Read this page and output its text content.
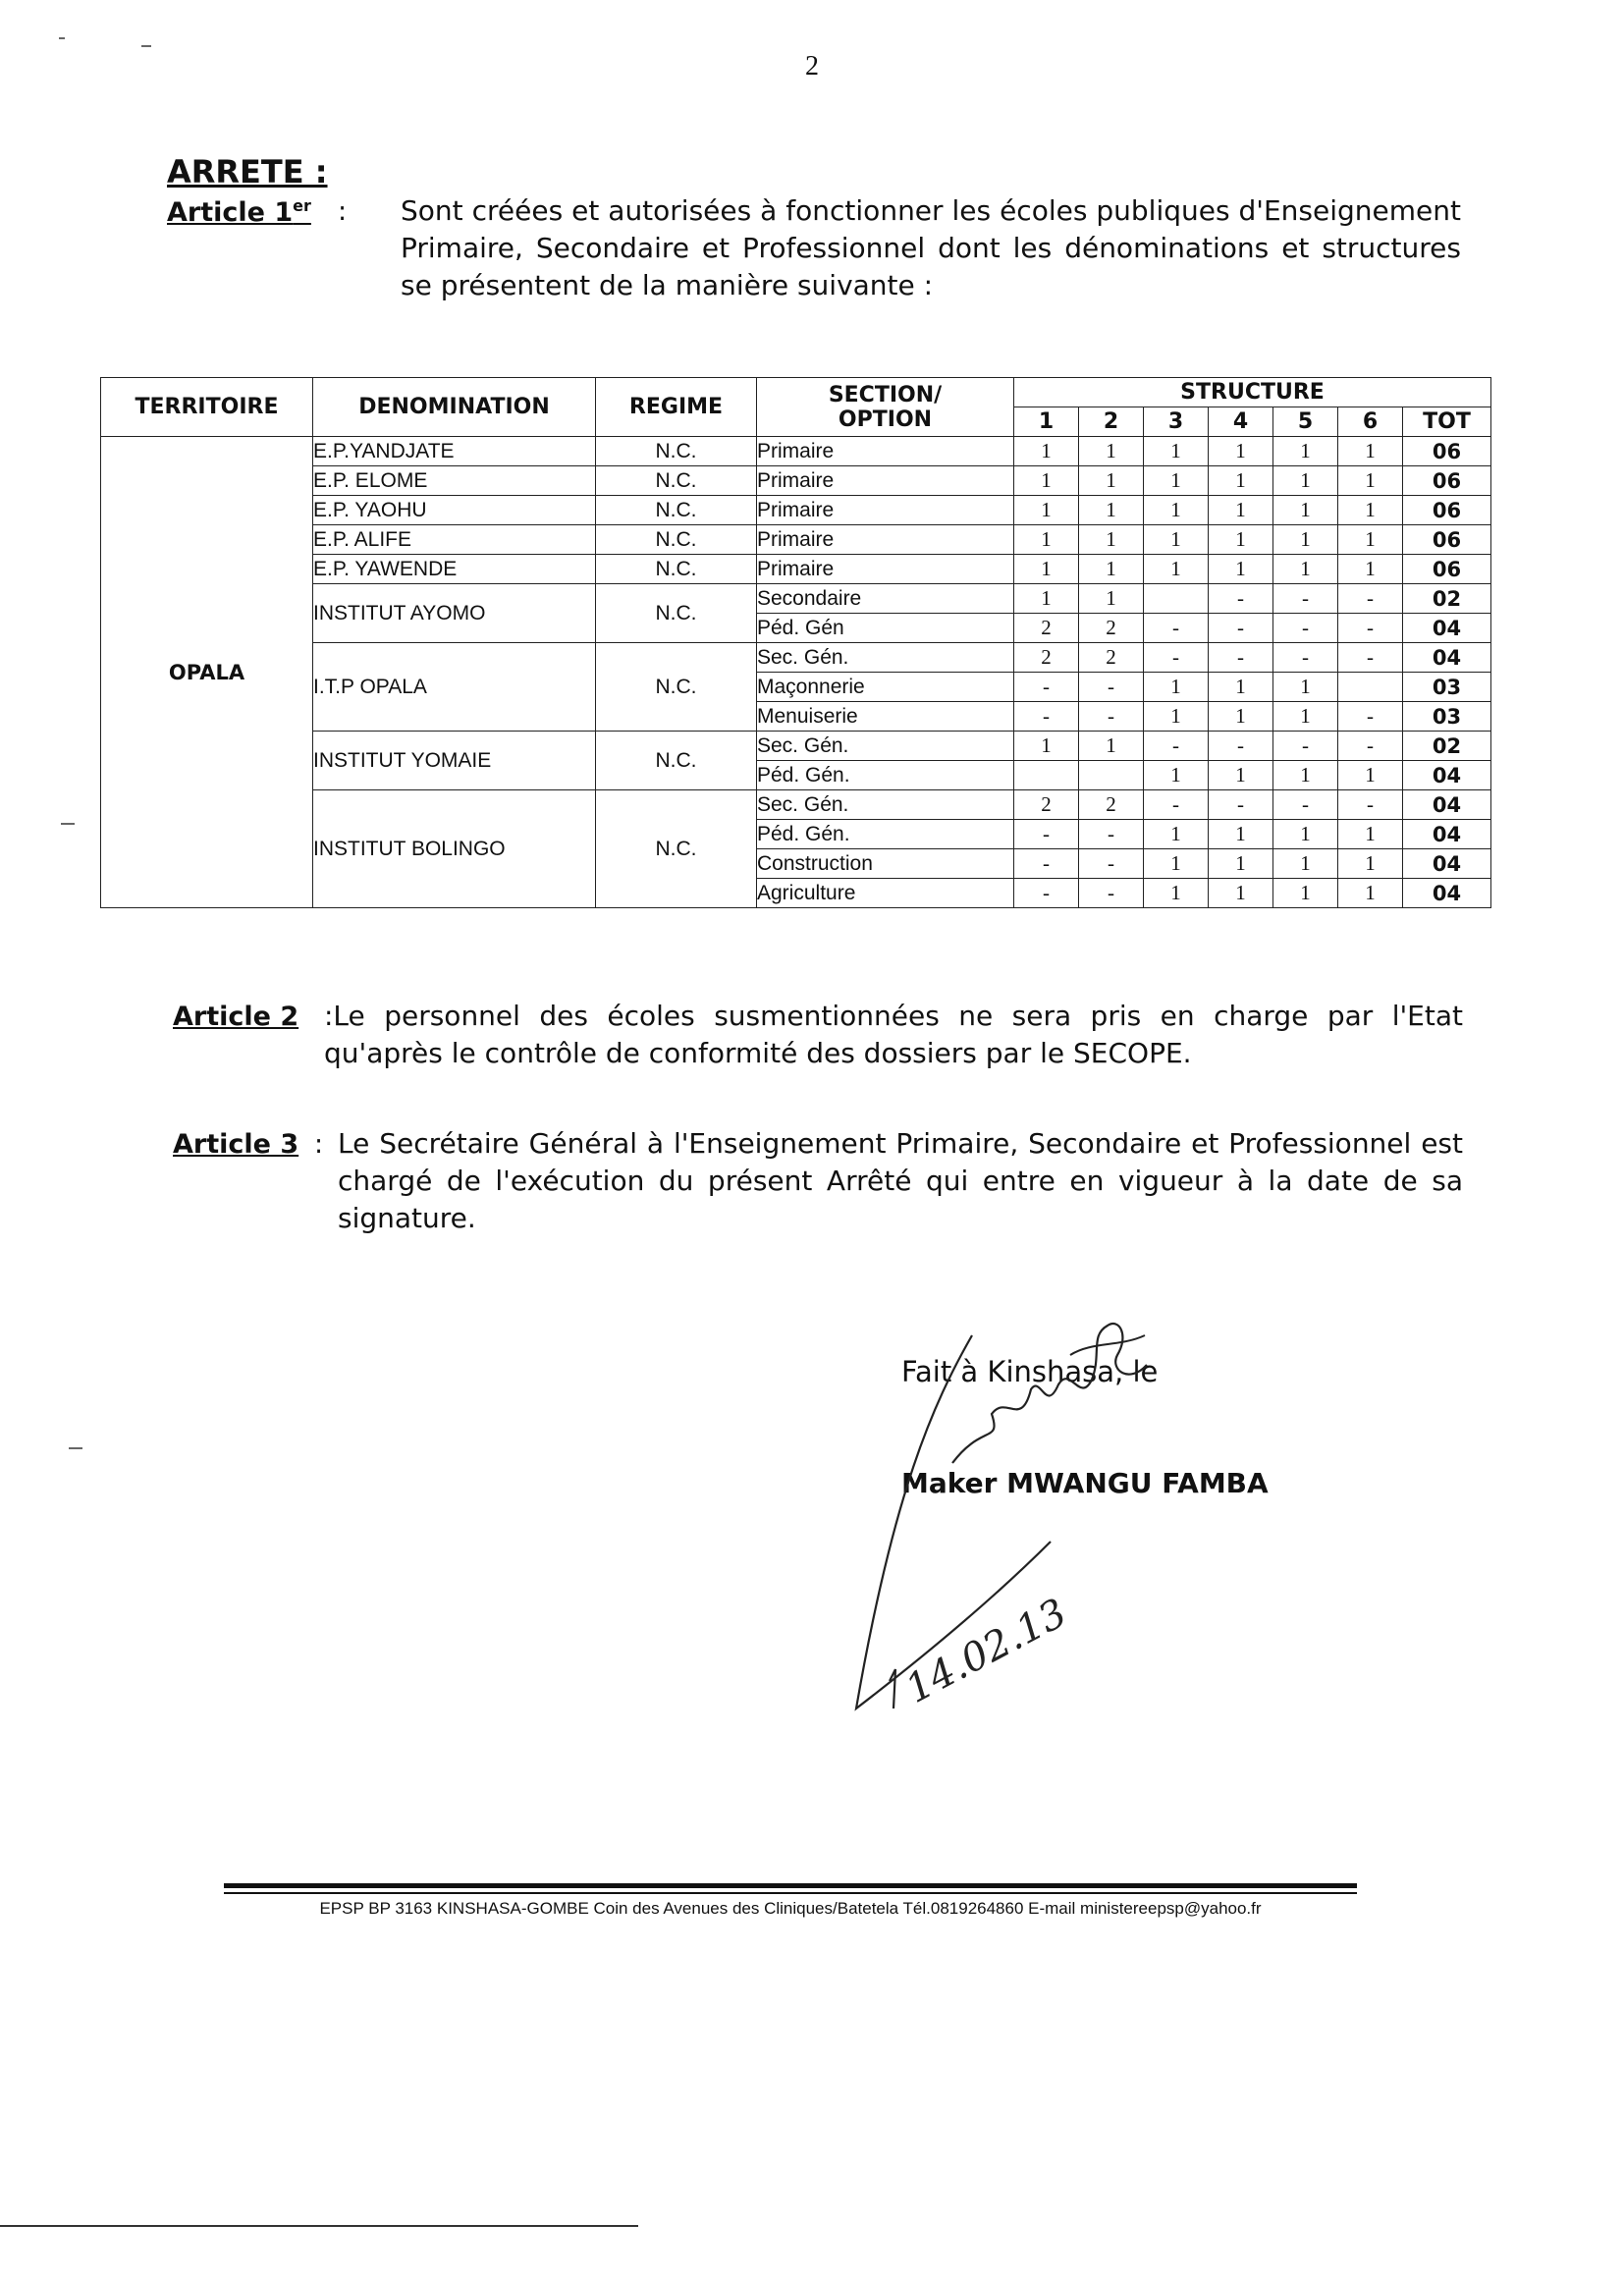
2
ARRETE :
Article 1er : Sont créées et autorisées à fonctionner les écoles publiques d'Enseignement Primaire, Secondaire et Professionnel dont les dénominations et structures se présentent de la manière suivante :
TERRITOIRE	DENOMINATION	REGIME	SECTION/
OPTION	STRUCTURE						
				1	2	3	4	5	6	TOT
OPALA	E.P.YANDJATE	N.C.	Primaire	1	1	1	1	1	1	06
	E.P. ELOME	N.C.	Primaire	1	1	1	1	1	1	06
	E.P. YAOHU	N.C.	Primaire	1	1	1	1	1	1	06
	E.P. ALIFE	N.C.	Primaire	1	1	1	1	1	1	06
	E.P. YAWENDE	N.C.	Primaire	1	1	1	1	1	1	06
	INSTITUT AYOMO	N.C.	Secondaire	1	1		-	-	-	02
			Péd. Gén	2	2	-	-	-	-	04
	I.T.P OPALA	N.C.	Sec. Gén.	2	2	-	-	-	-	04
			Maçonnerie	-	-	1	1	1		03
			Menuiserie	-	-	1	1	1	-	03
	INSTITUT YOMAIE	N.C.	Sec. Gén.	1	1	-	-	-	-	02
			Péd. Gén.			1	1	1	1	04
	INSTITUT BOLINGO	N.C.	Sec. Gén.	2	2	-	-	-	-	04
			Péd. Gén.	-	-	1	1	1	1	04
			Construction	-	-	1	1	1	1	04
			Agriculture	-	-	1	1	1	1	04
Article 2 :Le personnel des écoles susmentionnées ne sera pris en charge par l'Etat qu'après le contrôle de conformité des dossiers par le SECOPE.
Article 3 : Le Secrétaire Général à l'Enseignement Primaire, Secondaire et Professionnel est chargé de l'exécution du présent Arrêté qui entre en vigueur à la date de sa signature.
Fait à Kinshasa, le
Maker MWANGU FAMBA
14.02.13
EPSP BP 3163 KINSHASA-GOMBE Coin des Avenues des Cliniques/Batetela Tél.0819264860 E-mail ministereepsp@yahoo.fr
